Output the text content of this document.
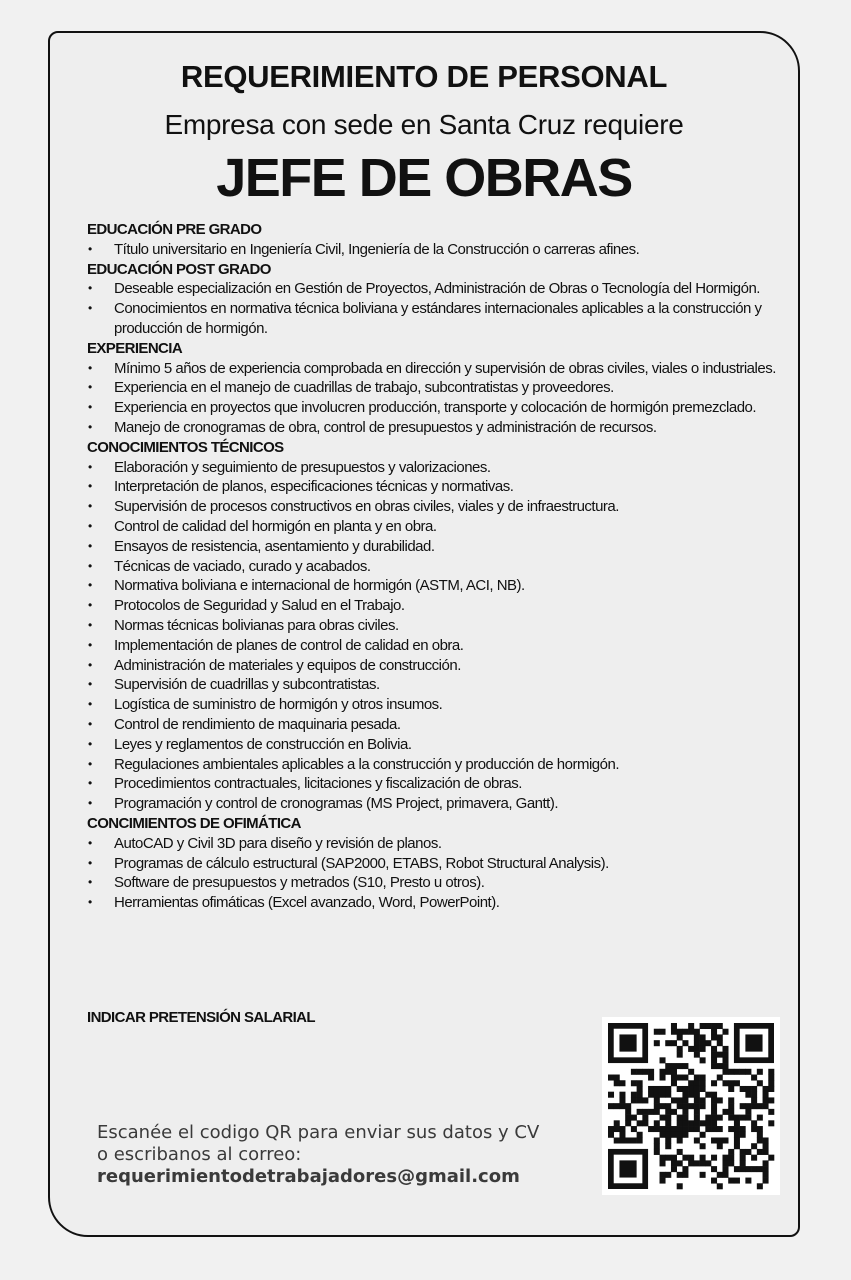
REQUERIMIENTO DE PERSONAL
Empresa con sede en Santa Cruz requiere
JEFE DE OBRAS
EDUCACIÓN PRE GRADO
• Título universitario en Ingeniería Civil, Ingeniería de la Construcción o carreras afines.
EDUCACIÓN POST GRADO
• Deseable especialización en Gestión de Proyectos, Administración de Obras o Tecnología del Hormigón.
• Conocimientos en normativa técnica boliviana y estándares internacionales aplicables a la construcción y producción de hormigón.
EXPERIENCIA
• Mínimo 5 años de experiencia comprobada en dirección y supervisión de obras civiles, viales o industriales.
• Experiencia en el manejo de cuadrillas de trabajo, subcontratistas y proveedores.
• Experiencia en proyectos que involucren producción, transporte y colocación de hormigón premezclado.
• Manejo de cronogramas de obra, control de presupuestos y administración de recursos.
CONOCIMIENTOS TÉCNICOS
• Elaboración y seguimiento de presupuestos y valorizaciones.
• Interpretación de planos, especificaciones técnicas y normativas.
• Supervisión de procesos constructivos en obras civiles, viales y de infraestructura.
• Control de calidad del hormigón en planta y en obra.
• Ensayos de resistencia, asentamiento y durabilidad.
• Técnicas de vaciado, curado y acabados.
• Normativa boliviana e internacional de hormigón (ASTM, ACI, NB).
• Protocolos de Seguridad y Salud en el Trabajo.
• Normas técnicas bolivianas para obras civiles.
• Implementación de planes de control de calidad en obra.
• Administración de materiales y equipos de construcción.
• Supervisión de cuadrillas y subcontratistas.
• Logística de suministro de hormigón y otros insumos.
• Control de rendimiento de maquinaria pesada.
• Leyes y reglamentos de construcción en Bolivia.
• Regulaciones ambientales aplicables a la construcción y producción de hormigón.
• Procedimientos contractuales, licitaciones y fiscalización de obras.
• Programación y control de cronogramas (MS Project, primavera, Gantt).
CONCIMIENTOS DE OFIMÁTICA
• AutoCAD y Civil 3D para diseño y revisión de planos.
• Programas de cálculo estructural (SAP2000, ETABS, Robot Structural Analysis).
• Software de presupuestos y metrados (S10, Presto u otros).
• Herramientas ofimáticas (Excel avanzado, Word, PowerPoint).
INDICAR PRETENSIÓN SALARIAL
Escanée el codigo QR para enviar sus datos y CV
o escribanos al correo:
requerimientodetrabajadores@gmail.com
